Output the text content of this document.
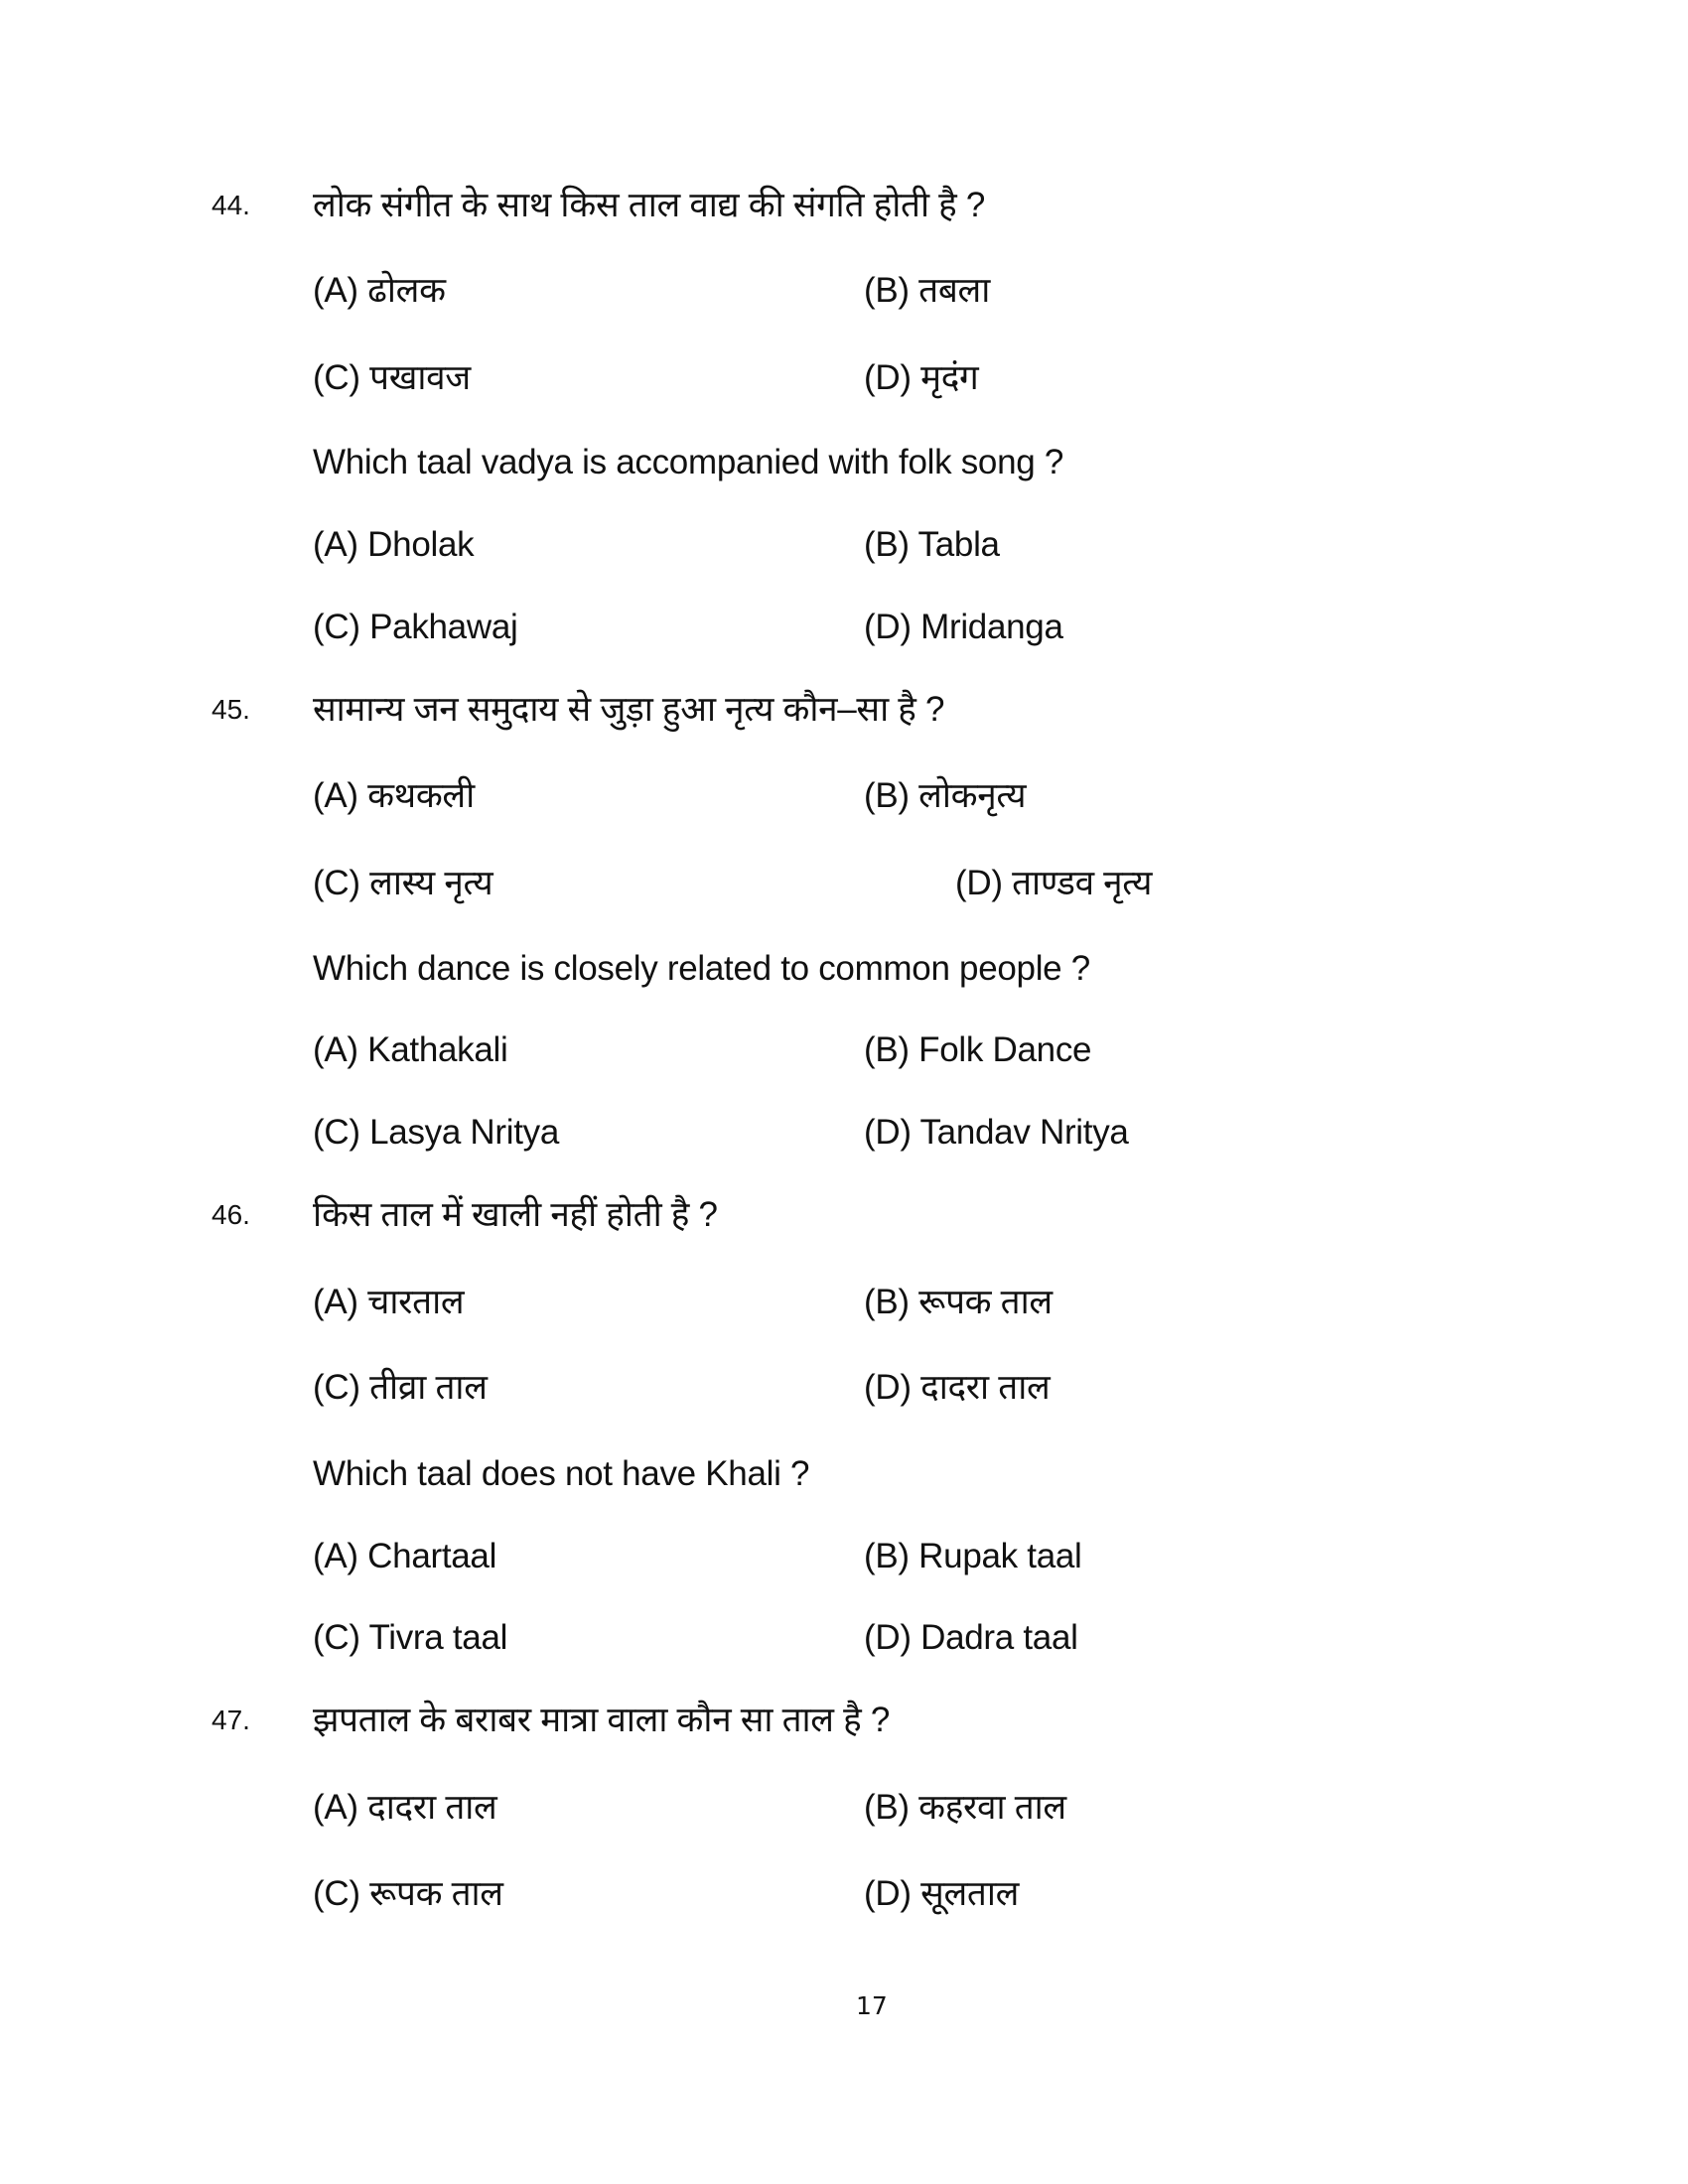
44. लोक संगीत के साथ किस ताल वाद्य की संगति होती है ?
(A) ढोलक	(B) तबला
(C) पखावज	(D) मृदंग
Which taal vadya is accompanied with folk song ?
(A) Dholak	(B) Tabla
(C) Pakhawaj	(D) Mridanga
45. सामान्य जन समुदाय से जुड़ा हुआ नृत्य कौन–सा है ?
(A) कथकली	(B) लोकनृत्य
(C) लास्य नृत्य	(D) ताण्डव नृत्य
Which dance is closely related to common people ?
(A) Kathakali	(B) Folk Dance
(C) Lasya Nritya	(D) Tandav Nritya
46. किस ताल में खाली नहीं होती है ?
(A) चारताल	(B) रूपक ताल
(C) तीव्रा ताल	(D) दादरा ताल
Which taal does not have Khali ?
(A) Chartaal	(B) Rupak taal
(C) Tivra taal	(D) Dadra taal
47. झपताल के बराबर मात्रा वाला कौन सा ताल है ?
(A) दादरा ताल	(B) कहरवा ताल
(C) रूपक ताल	(D) सूलताल
17
